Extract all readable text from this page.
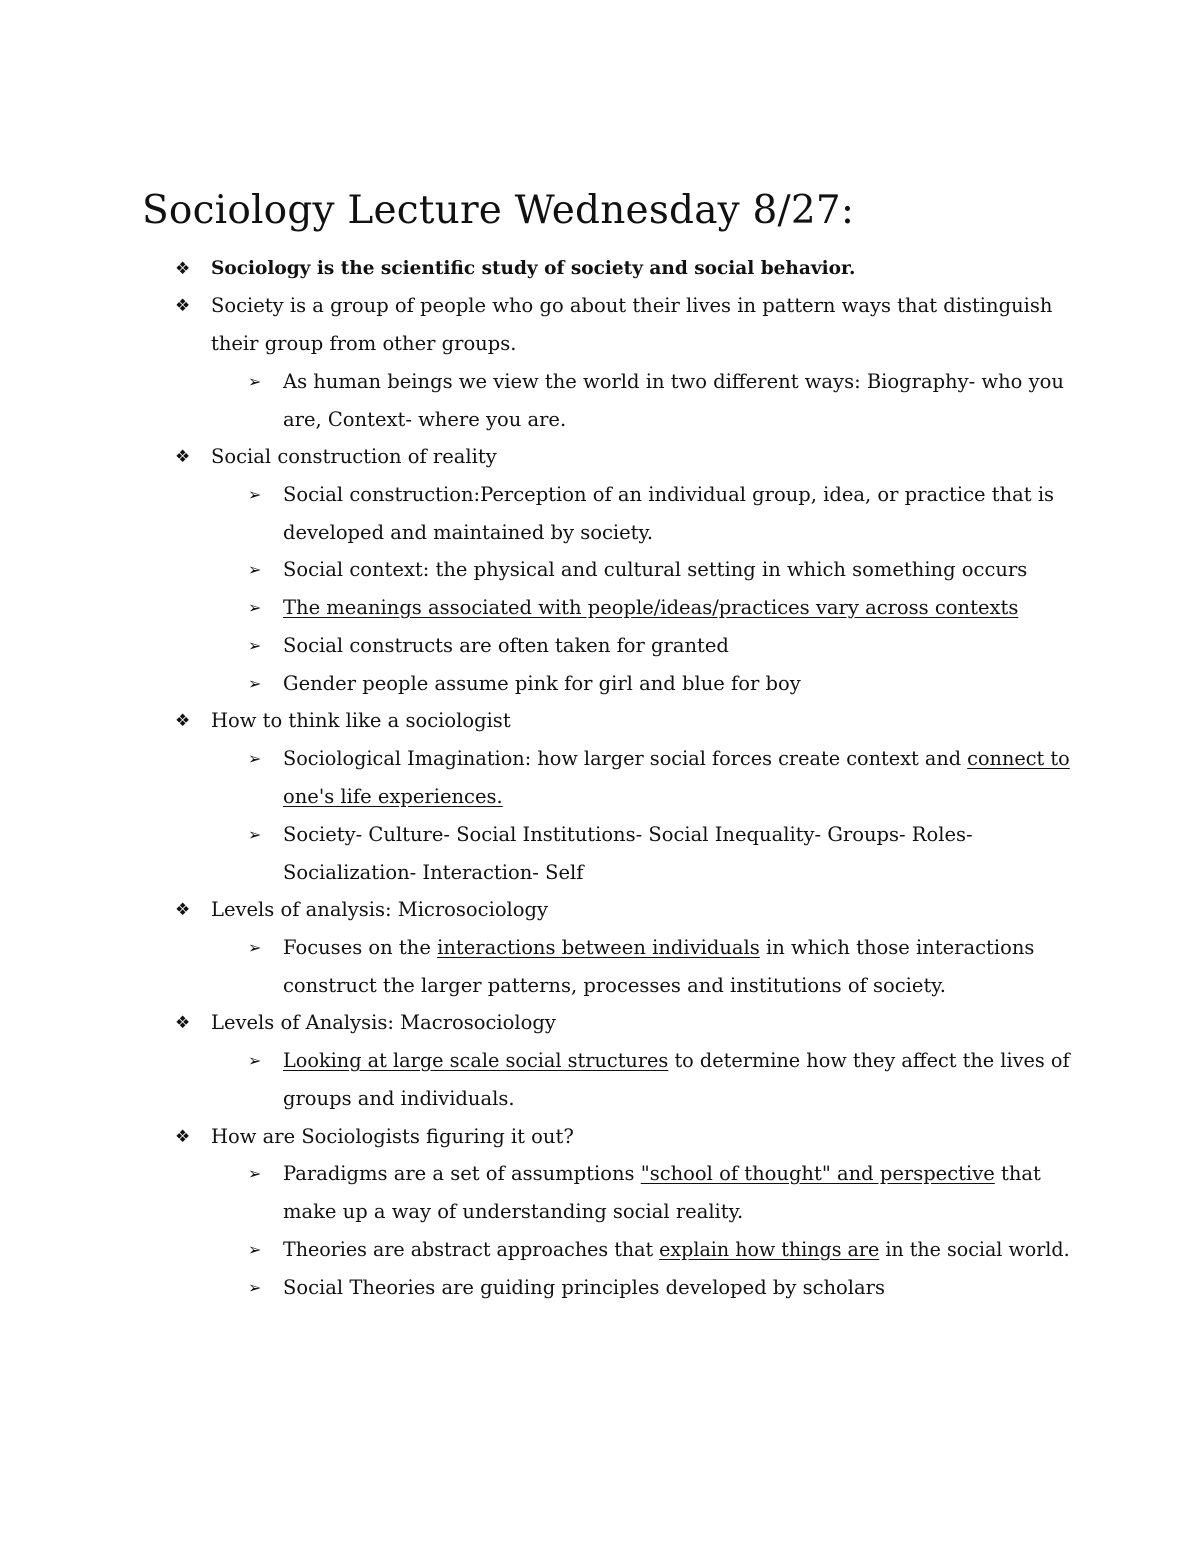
Sociology Lecture Wednesday 8/27:
❖ Sociology is the scientific study of society and social behavior.
❖ Society is a group of people who go about their lives in pattern ways that distinguish
their group from other groups.
➢ As human beings we view the world in two different ways: Biography- who you
are, Context- where you are.
❖ Social construction of reality
➢ Social construction:Perception of an individual group, idea, or practice that is
developed and maintained by society.
➢ Social context: the physical and cultural setting in which something occurs
➢ The meanings associated with people/ideas/practices vary across contexts
➢ Social constructs are often taken for granted
➢ Gender people assume pink for girl and blue for boy
❖ How to think like a sociologist
➢ Sociological Imagination: how larger social forces create context and connect to
one's life experiences.
➢ Society- Culture- Social Institutions- Social Inequality- Groups- Roles-
Socialization- Interaction- Self
❖ Levels of analysis: Microsociology
➢ Focuses on the interactions between individuals in which those interactions
construct the larger patterns, processes and institutions of society.
❖ Levels of Analysis: Macrosociology
➢ Looking at large scale social structures to determine how they affect the lives of
groups and individuals.
❖ How are Sociologists figuring it out?
➢ Paradigms are a set of assumptions "school of thought" and perspective that
make up a way of understanding social reality.
➢ Theories are abstract approaches that explain how things are in the social world.
➢ Social Theories are guiding principles developed by scholars
